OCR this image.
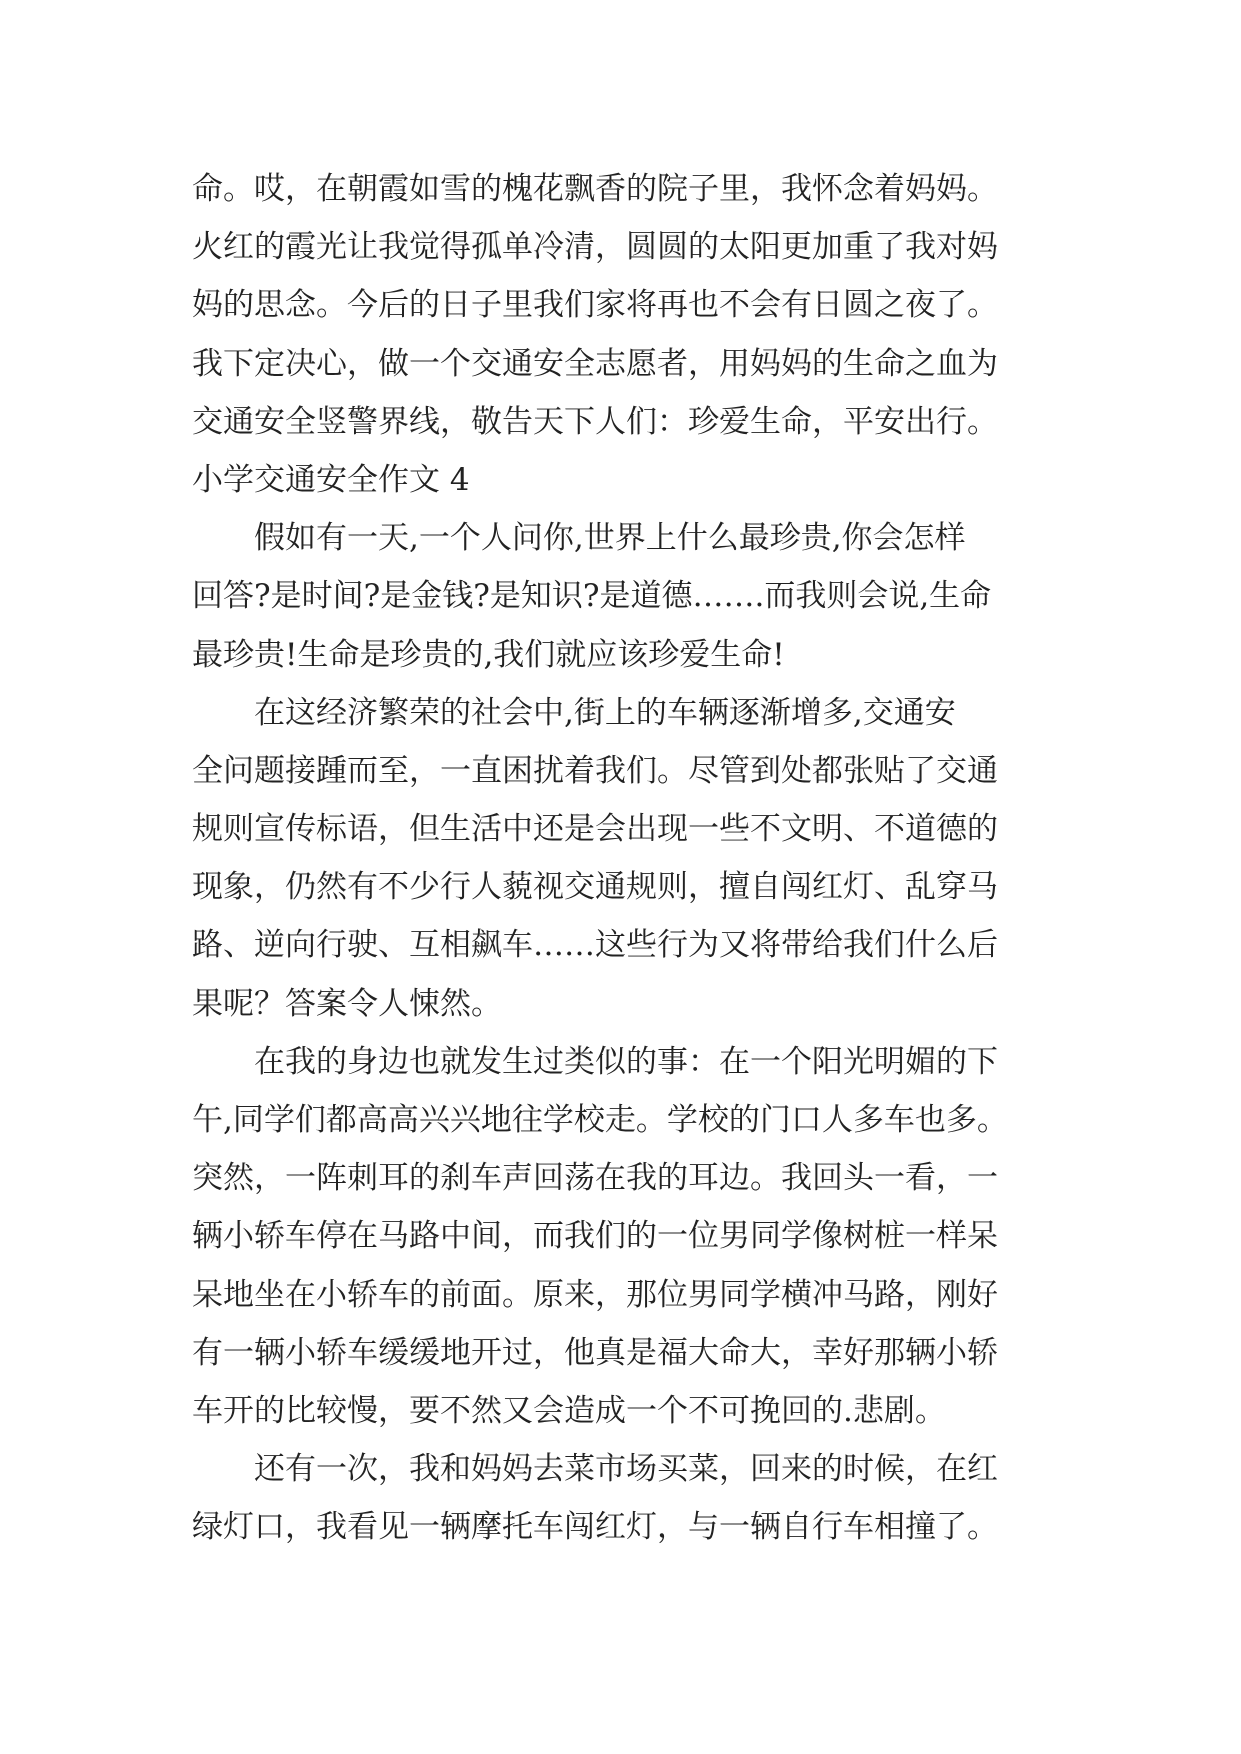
命。哎，在朝霞如雪的槐花飘香的院子里，我怀念着妈妈。
火红的霞光让我觉得孤单冷清，圆圆的太阳更加重了我对妈
妈的思念。今后的日子里我们家将再也不会有日圆之夜了。
我下定决心，做一个交通安全志愿者，用妈妈的生命之血为
交通安全竖警界线，敬告天下人们：珍爱生命，平安出行。
小学交通安全作文 4
假如有一天,一个人问你,世界上什么最珍贵,你会怎样
回答?是时间?是金钱?是知识?是道德…….而我则会说,生命
最珍贵!生命是珍贵的,我们就应该珍爱生命!
在这经济繁荣的社会中,街上的车辆逐渐增多,交通安
全问题接踵而至，一直困扰着我们。尽管到处都张贴了交通
规则宣传标语，但生活中还是会出现一些不文明、不道德的
现象，仍然有不少行人藐视交通规则，擅自闯红灯、乱穿马
路、逆向行驶、互相飙车……这些行为又将带给我们什么后
果呢？答案令人悚然。
在我的身边也就发生过类似的事：在一个阳光明媚的下
午,同学们都高高兴兴地往学校走。学校的门口人多车也多。
突然，一阵刺耳的刹车声回荡在我的耳边。我回头一看，一
辆小轿车停在马路中间，而我们的一位男同学像树桩一样呆
呆地坐在小轿车的前面。原来，那位男同学横冲马路，刚好
有一辆小轿车缓缓地开过，他真是福大命大，幸好那辆小轿
车开的比较慢，要不然又会造成一个不可挽回的.悲剧。
还有一次，我和妈妈去菜市场买菜，回来的时候，在红
绿灯口，我看见一辆摩托车闯红灯，与一辆自行车相撞了。
